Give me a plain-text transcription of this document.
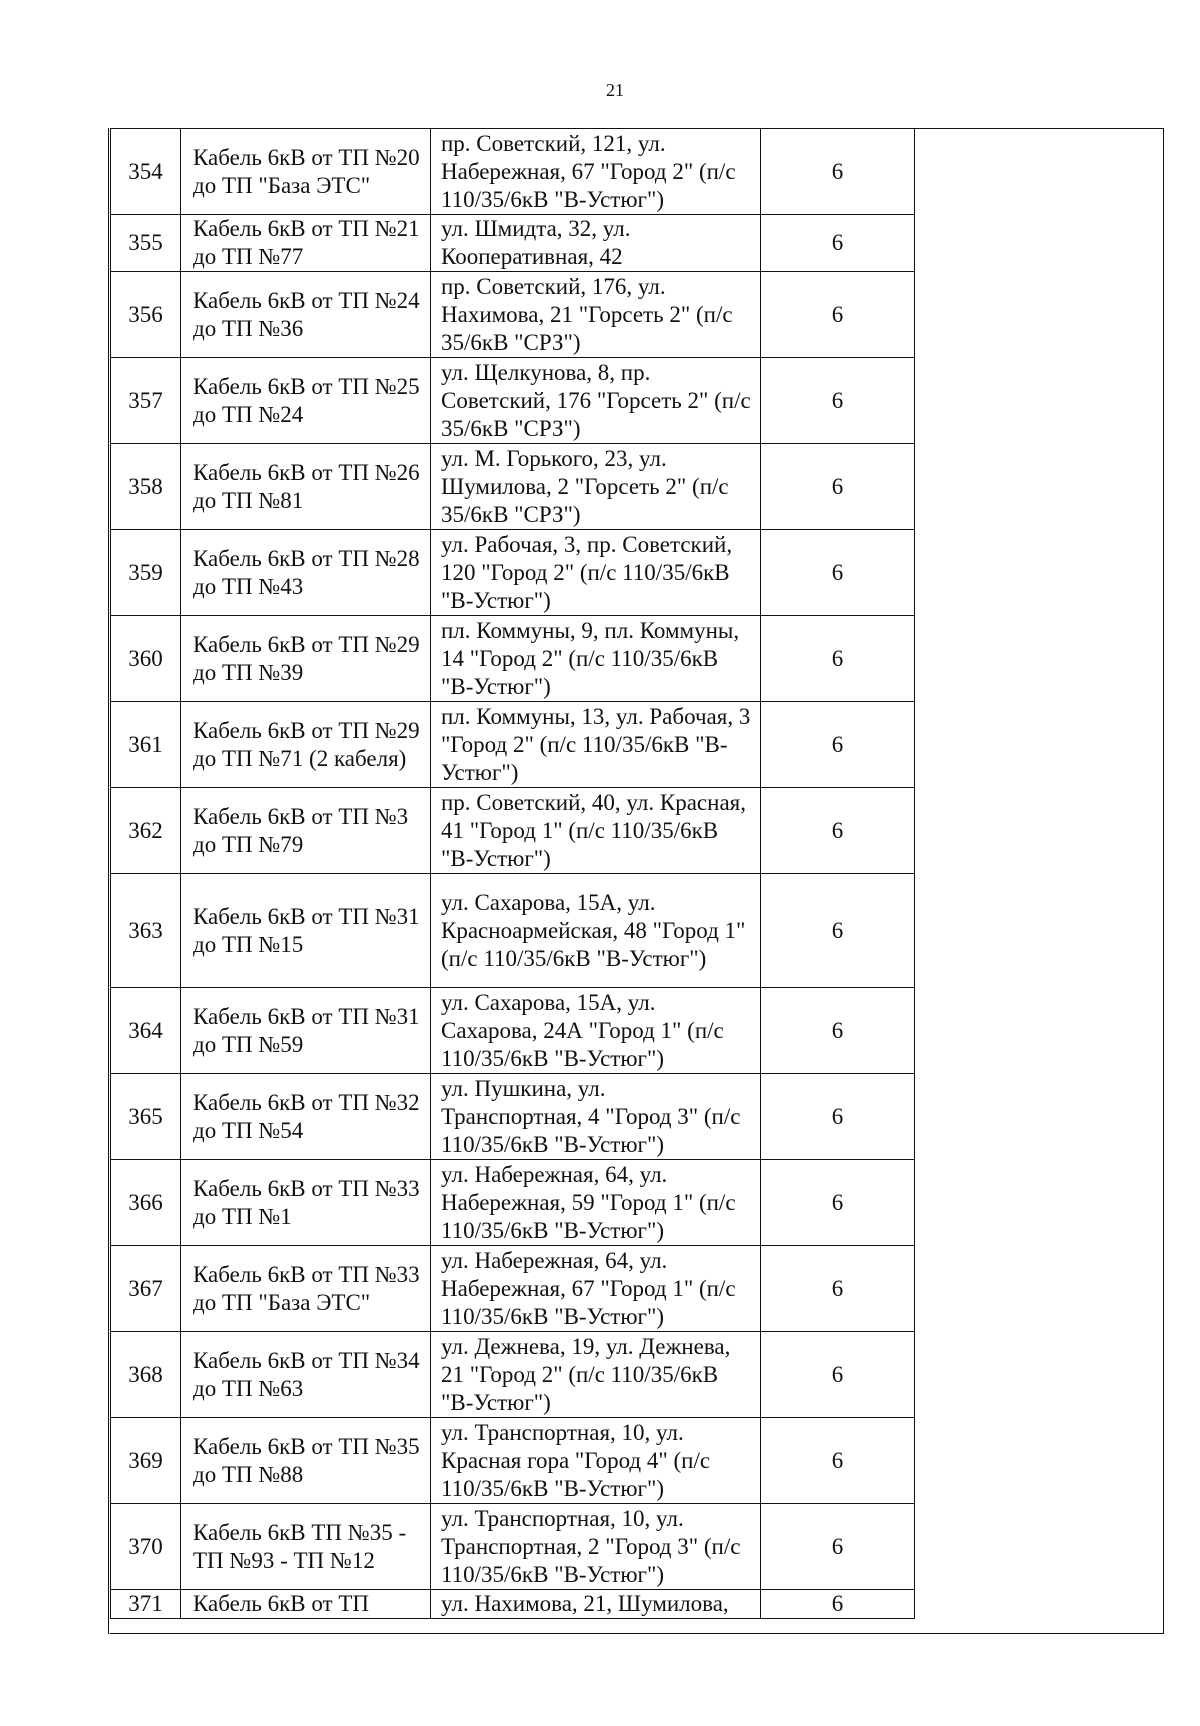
21
354	Кабель 6кВ от ТП №20 до ТП "База ЭТС"	пр. Советский, 121, ул. Набережная, 67 "Город 2" (п/с 110/35/6кВ "В-Устюг")	6
355	Кабель 6кВ от ТП №21 до ТП №77	ул. Шмидта, 32, ул. Кооперативная, 42	6
356	Кабель 6кВ от ТП №24 до ТП №36	пр. Советский, 176, ул. Нахимова, 21 "Горсеть 2" (п/с 35/6кВ "СРЗ")	6
357	Кабель 6кВ от ТП №25 до ТП №24	ул. Щелкунова, 8, пр. Советский, 176 "Горсеть 2" (п/с 35/6кВ "СРЗ")	6
358	Кабель 6кВ от ТП №26 до ТП №81	ул. М. Горького, 23, ул. Шумилова, 2 "Горсеть 2" (п/с 35/6кВ "СРЗ")	6
359	Кабель 6кВ от ТП №28 до ТП №43	ул. Рабочая, 3, пр. Советский, 120 "Город 2" (п/с 110/35/6кВ "В-Устюг")	6
360	Кабель 6кВ от ТП №29 до ТП №39	пл. Коммуны, 9, пл. Коммуны, 14 "Город 2" (п/с 110/35/6кВ "В-Устюг")	6
361	Кабель 6кВ от ТП №29 до ТП №71 (2 кабеля)	пл. Коммуны, 13, ул. Рабочая, 3 "Город 2" (п/с 110/35/6кВ "В-Устюг")	6
362	Кабель 6кВ от ТП №3 до ТП №79	пр. Советский, 40, ул. Красная, 41 "Город 1" (п/с 110/35/6кВ "В-Устюг")	6
363	Кабель 6кВ от ТП №31 до ТП №15	ул. Сахарова, 15А, ул. Красноармейская, 48 "Город 1" (п/с 110/35/6кВ "В-Устюг")	6
364	Кабель 6кВ от ТП №31 до ТП №59	ул. Сахарова, 15А, ул. Сахарова, 24А "Город 1" (п/с 110/35/6кВ "В-Устюг")	6
365	Кабель 6кВ от ТП №32 до ТП №54	ул. Пушкина, ул. Транспортная, 4 "Город 3" (п/с 110/35/6кВ "В-Устюг")	6
366	Кабель 6кВ от ТП №33 до ТП №1	ул. Набережная, 64, ул. Набережная, 59 "Город 1" (п/с 110/35/6кВ "В-Устюг")	6
367	Кабель 6кВ от ТП №33 до ТП "База ЭТС"	ул. Набережная, 64, ул. Набережная, 67 "Город 1" (п/с 110/35/6кВ "В-Устюг")	6
368	Кабель 6кВ от ТП №34 до ТП №63	ул. Дежнева, 19, ул. Дежнева, 21 "Город 2" (п/с 110/35/6кВ "В-Устюг")	6
369	Кабель 6кВ от ТП №35 до ТП №88	ул. Транспортная, 10, ул. Красная гора "Город 4" (п/с 110/35/6кВ "В-Устюг")	6
370	Кабель 6кВ ТП №35 - ТП №93 - ТП №12	ул. Транспортная, 10, ул. Транспортная, 2 "Город 3" (п/с 110/35/6кВ "В-Устюг")	6
371	Кабель 6кВ от ТП	ул. Нахимова, 21, Шумилова,	6
